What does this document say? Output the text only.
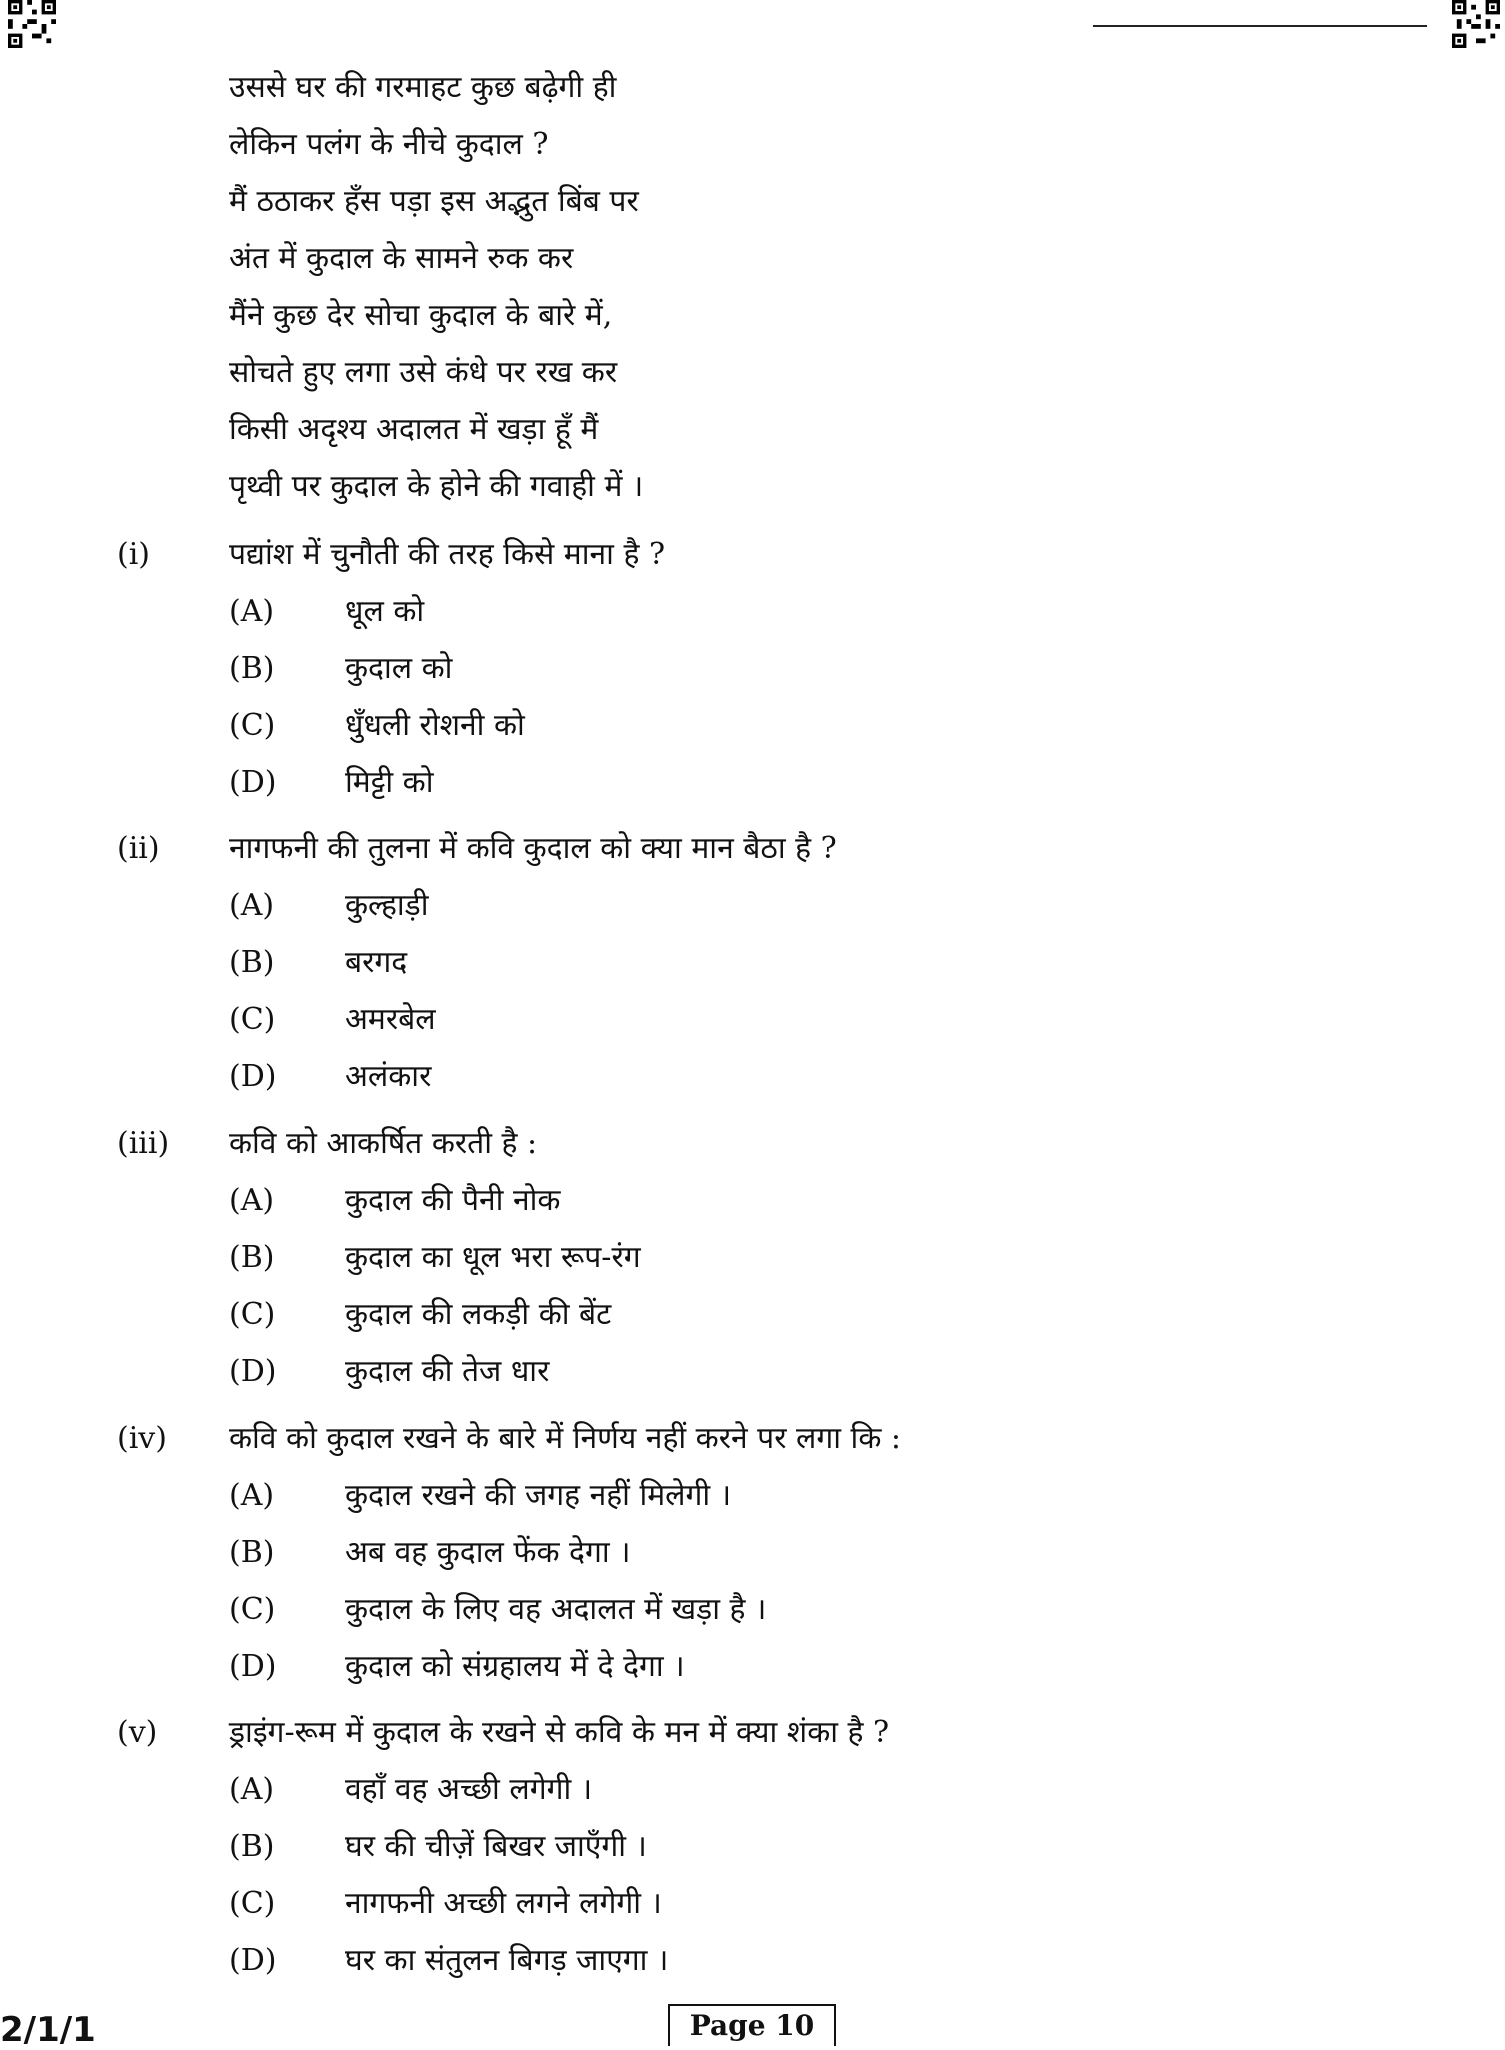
उससे घर की गरमाहट कुछ बढ़ेगी ही
लेकिन पलंग के नीचे कुदाल ?
मैं ठठाकर हँस पड़ा इस अद्भुत बिंब पर
अंत में कुदाल के सामने रुक कर
मैंने कुछ देर सोचा कुदाल के बारे में,
सोचते हुए लगा उसे कंधे पर रख कर
किसी अदृश्य अदालत में खड़ा हूँ मैं
पृथ्वी पर कुदाल के होने की गवाही में ।
(i)	पद्यांश में चुनौती की तरह किसे माना है ?
(A) धूल को
(B) कुदाल को
(C) धुँधली रोशनी को
(D) मिट्टी को
(ii) नागफनी की तुलना में कवि कुदाल को क्या मान बैठा है ?
(A) कुल्हाड़ी
(B) बरगद
(C) अमरबेल
(D) अलंकार
(iii) कवि को आकर्षित करती है :
(A) कुदाल की पैनी नोक
(B) कुदाल का धूल भरा रूप-रंग
(C) कुदाल की लकड़ी की बेंट
(D) कुदाल की तेज धार
(iv) कवि को कुदाल रखने के बारे में निर्णय नहीं करने पर लगा कि :
(A) कुदाल रखने की जगह नहीं मिलेगी ।
(B) अब वह कुदाल फेंक देगा ।
(C) कुदाल के लिए वह अदालत में खड़ा है ।
(D) कुदाल को संग्रहालय में दे देगा ।
(v) ड्राइंग-रूम में कुदाल के रखने से कवि के मन में क्या शंका है ?
(A) वहाँ वह अच्छी लगेगी ।
(B) घर की चीज़ें बिखर जाएँगी ।
(C) नागफनी अच्छी लगने लगेगी ।
(D) घर का संतुलन बिगड़ जाएगा ।
2/1/1	Page 10
